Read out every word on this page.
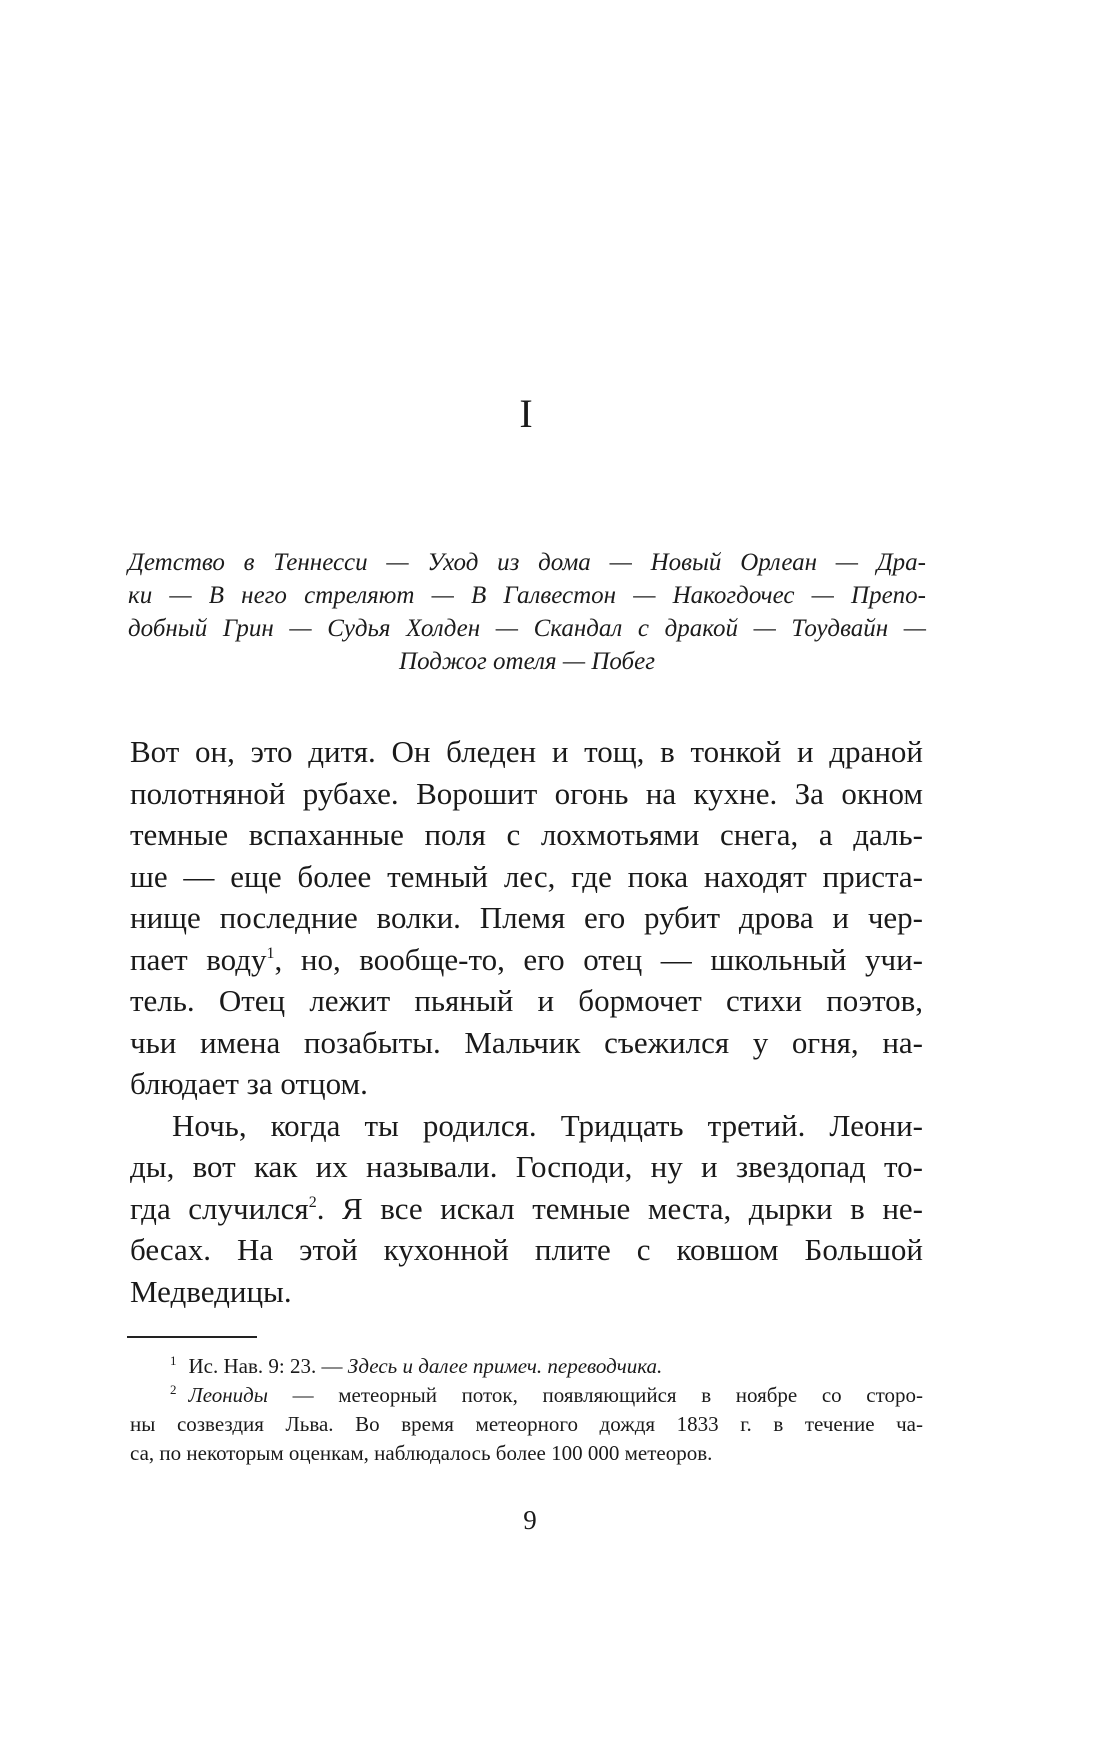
I
Детство в Теннесси — Уход из дома — Новый Орлеан — Дра-
ки — В него стреляют — В Галвестон — Накогдочес — Препо-
добный Грин — Судья Холден — Скандал с дракой — Тоудвайн —
Поджог отеля — Побег
Вот он, это дитя. Он бледен и тощ, в тонкой и драной
полотняной рубахе. Ворошит огонь на кухне. За окном
темные вспаханные поля с лохмотьями снега, а даль-
ше — еще более темный лес, где пока находят приста-
нище последние волки. Племя его рубит дрова и чер-
пает воду$^1$, но, вообще-то, его отец — школьный учи-
тель. Отец лежит пьяный и бормочет стихи поэтов,
чьи имена позабыты. Мальчик съежился у огня, на-
блюдает за отцом.
Ночь, когда ты родился. Тридцать третий. Леони-
ды, вот как их называли. Господи, ну и звездопад то-
гда случился$^2$. Я все искал темные места, дырки в не-
бесах. На этой кухонной плите с ковшом Большой
Медведицы.
$^1$ Ис. Нав. 9: 23. — Здесь и далее примеч. переводчика.
$^2$ Леониды — метеорный поток, появляющийся в ноябре со сторо-
ны созвездия Льва. Во время метеорного дождя 1833 г. в течение ча-
са, по некоторым оценкам, наблюдалось более 100 000 метеоров.
9
